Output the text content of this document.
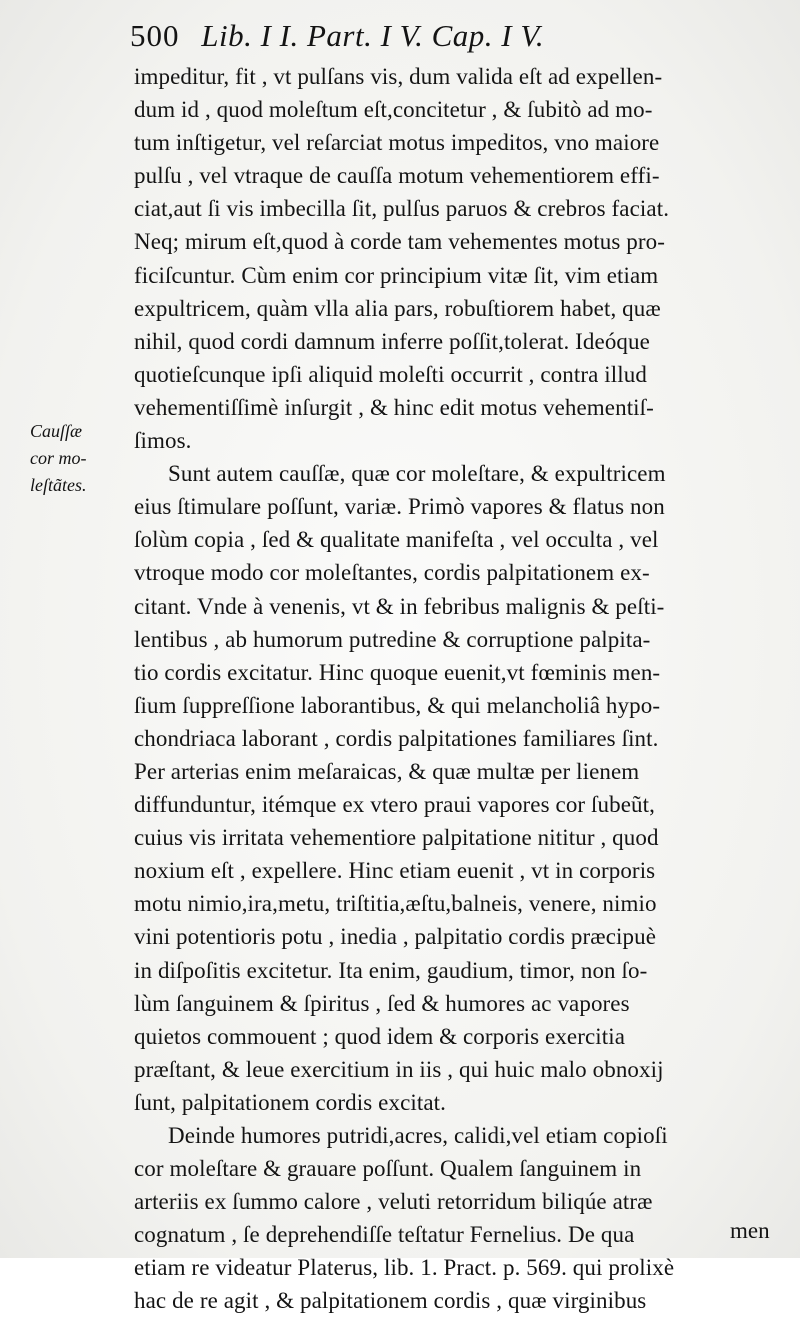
500 Lib. I I. Part. I V. Cap. I V.
Cauſſæ
cor mo-
leſtãtes.
impeditur, fit , vt pulſans vis, dum valida eſt ad expellen-
dum id , quod moleſtum eſt,concitetur , & ſubitò ad mo-
tum inſtigetur, vel reſarciat motus impeditos, vno maiore
pulſu , vel vtraque de cauſſa motum vehementiorem effi-
ciat,aut ſi vis imbecilla ſit, pulſus paruos & crebros faciat.
Neq; mirum eſt,quod à corde tam vehementes motus pro-
ficiſcuntur. Cùm enim cor principium vitæ ſit, vim etiam
expultricem, quàm vlla alia pars, robuſtiorem habet, quæ
nihil, quod cordi damnum inferre poſſit,tolerat. Ideóque
quotieſcunque ipſi aliquid moleſti occurrit , contra illud
vehementiſſimè inſurgit , & hinc edit motus vehementiſ-
ſimos.
Sunt autem cauſſæ, quæ cor moleſtare, & expultricem
eius ſtimulare poſſunt, variæ. Primò vapores & flatus non
ſolùm copia , ſed & qualitate manifeſta , vel occulta , vel
vtroque modo cor moleſtantes, cordis palpitationem ex-
citant. Vnde à venenis, vt & in febribus malignis & peſti-
lentibus , ab humorum putredine & corruptione palpita-
tio cordis excitatur. Hinc quoque euenit,vt fœminis men-
ſium ſuppreſſione laborantibus, & qui melancholiâ hypo-
chondriaca laborant , cordis palpitationes familiares ſint.
Per arterias enim meſaraicas, & quæ multæ per lienem
diffunduntur, itémque ex vtero praui vapores cor ſubeũt,
cuius vis irritata vehementiore palpitatione nititur , quod
noxium eſt , expellere. Hinc etiam euenit , vt in corporis
motu nimio,ira,metu, triſtitia,æſtu,balneis, venere, nimio
vini potentioris potu , inedia , palpitatio cordis præcipuè
in diſpoſitis excitetur. Ita enim, gaudium, timor, non ſo-
lùm ſanguinem & ſpiritus , ſed & humores ac vapores
quietos commouent ; quod idem & corporis exercitia
præſtant, & leue exercitium in iis , qui huic malo obnoxij
ſunt, palpitationem cordis excitat.
Deinde humores putridi,acres, calidi,vel etiam copioſi
cor moleſtare & grauare poſſunt. Qualem ſanguinem in
arteriis ex ſummo calore , veluti retorridum biliqúe atræ
cognatum , ſe deprehendiſſe teſtatur Fernelius. De qua
etiam re videatur Platerus, lib. 1. Pract. p. 569. qui prolixè
hac de re agit , & palpitationem cordis , quæ virginibus
men
